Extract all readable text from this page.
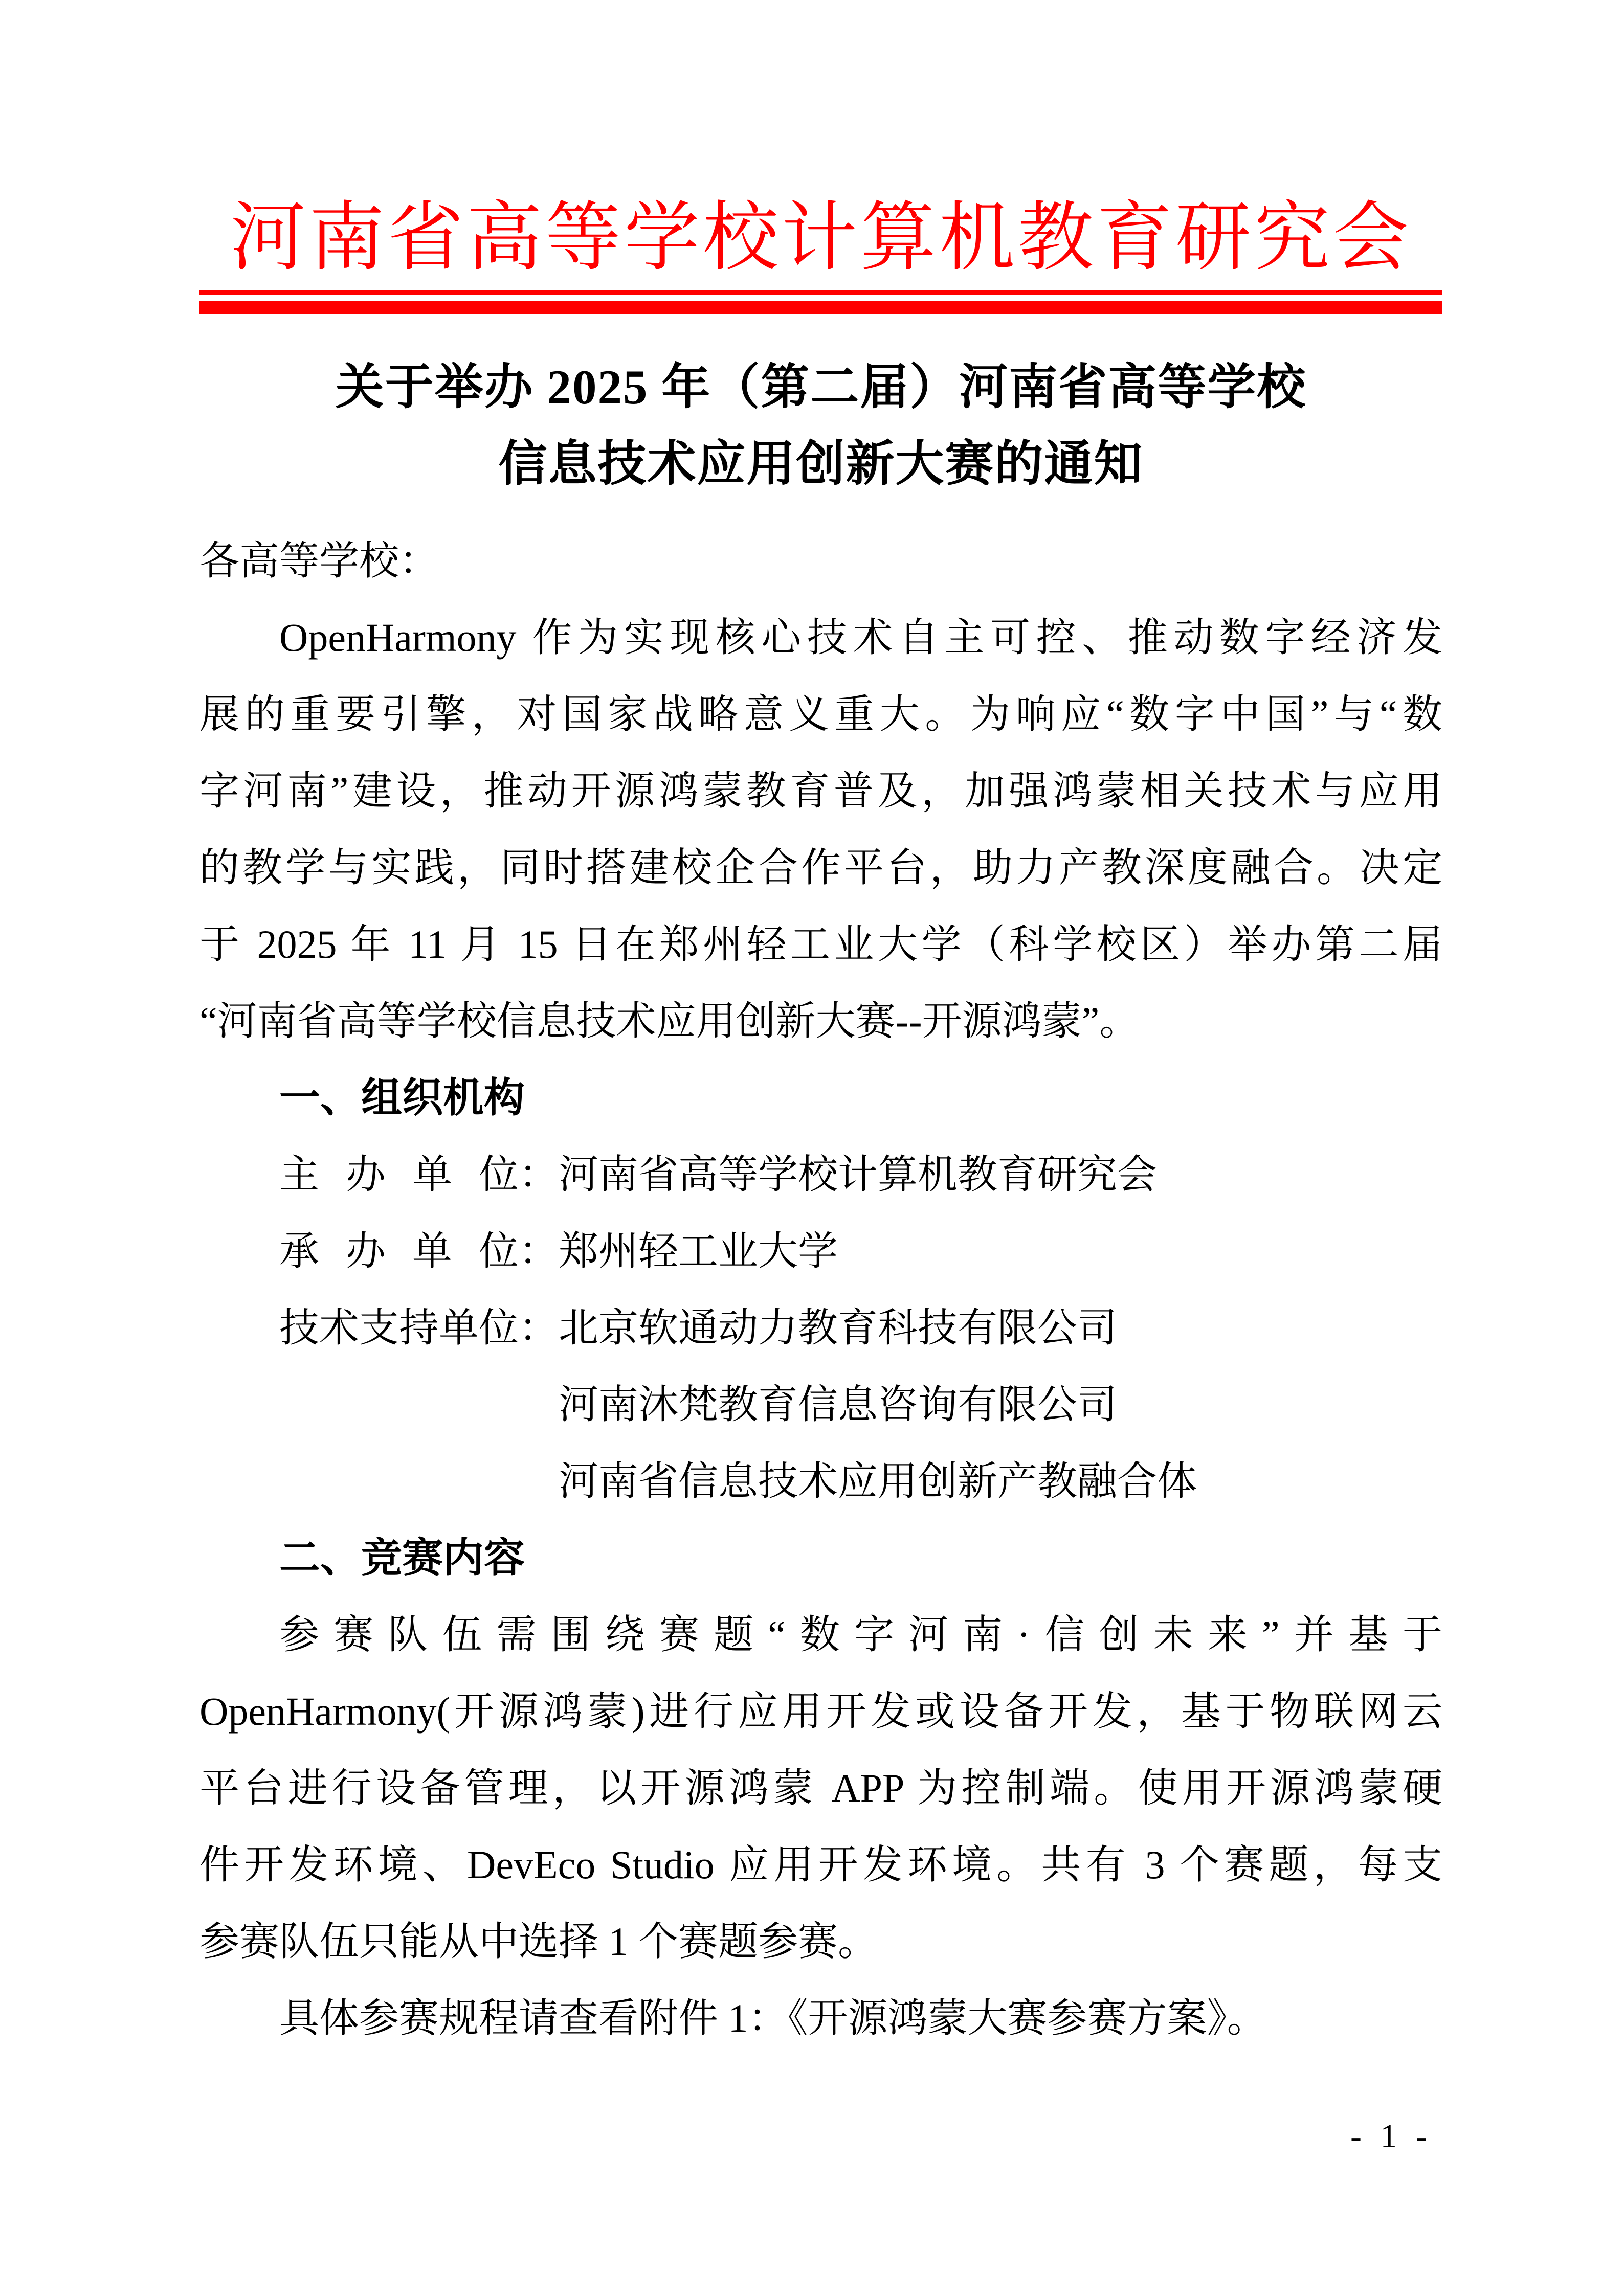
河南省高等学校计算机教育研究会
关于举办 2025 年（第二届）河南省高等学校
信息技术应用创新大赛的通知
各高等学校：
OpenHarmony 作为实现核心技术自主可控、推动数字经济发
展的重要引擎，对国家战略意义重大。为响应“数字中国”与“数
字河南”建设，推动开源鸿蒙教育普及，加强鸿蒙相关技术与应用
的教学与实践，同时搭建校企合作平台，助力产教深度融合。决定
于 2025 年 11 月 15 日在郑州轻工业大学（科学校区）举办第二届
“河南省高等学校信息技术应用创新大赛--开源鸿蒙”。
一、组织机构
主办单位 ： 河南省高等学校计算机教育研究会
承办单位 ： 郑州轻工业大学
技术支持单位 ： 北京软通动力教育科技有限公司
河南沐梵教育信息咨询有限公司
河南省信息技术应用创新产教融合体
二、竞赛内容
参赛队伍需围绕赛题“数字河南·信创未来”并基于
OpenHarmony(开源鸿蒙)进行应用开发或设备开发，基于物联网云
平台进行设备管理，以开源鸿蒙 APP 为控制端。使用开源鸿蒙硬
件开发环境、DevEco Studio 应用开发环境。共有 3 个赛题，每支
参赛队伍只能从中选择 1 个赛题参赛。
具体参赛规程请查看附件 1：《开源鸿蒙大赛参赛方案》。
- 1 -
